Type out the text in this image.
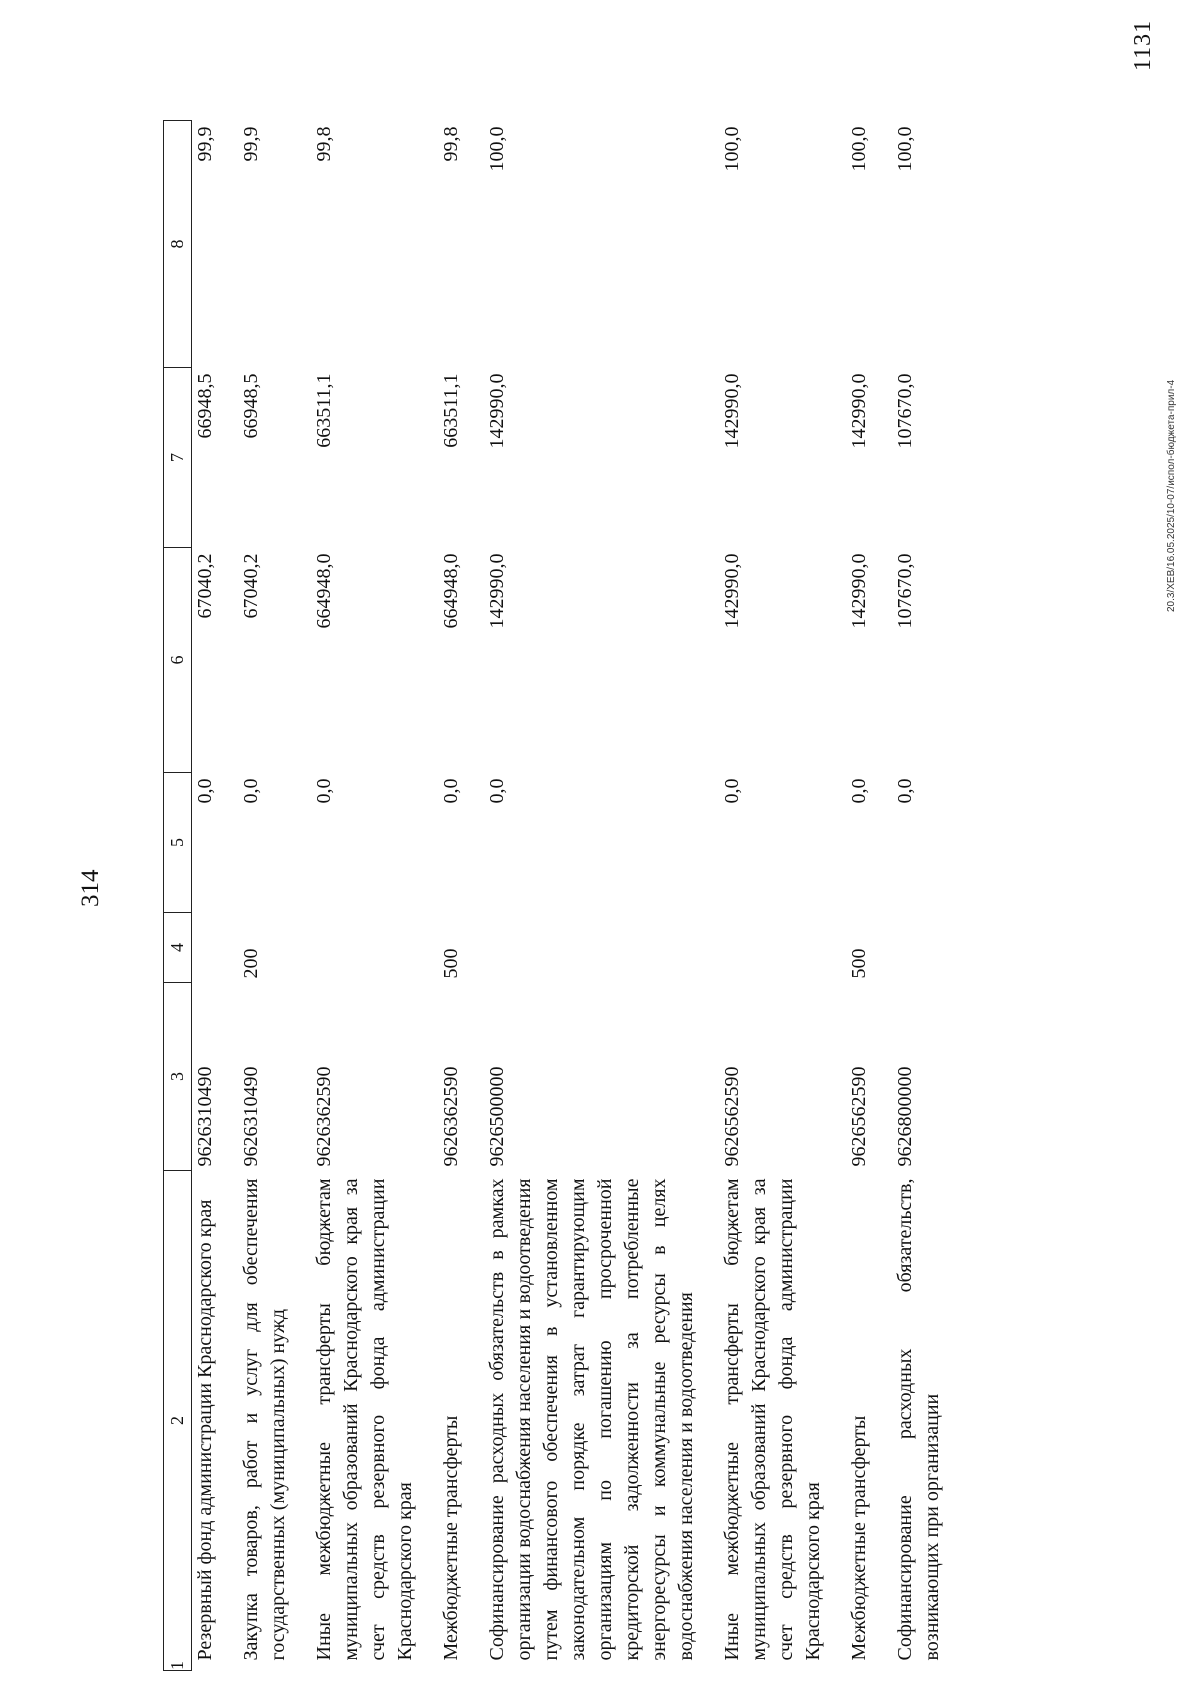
314
1	2	3	4	5	6	7	8
	Резервный фонд администрации Краснодарского края	9626310490		0,0	67040,2	66948,5	99,9
	Закупка товаров, работ и услуг для обеспечения государственных (муниципальных) нужд	9626310490	200	0,0	67040,2	66948,5	99,9
	Иные межбюджетные трансферты бюджетам муниципальных образований Краснодарского края за счет средств резервного фонда администрации Краснодарского края	9626362590		0,0	664948,0	663511,1	99,8
	Межбюджетные трансферты	9626362590	500	0,0	664948,0	663511,1	99,8
	Софинансирование расходных обязательств в рамках организации водоснабжения населения и водоотведения путем финансового обеспечения в установленном законодательном порядке затрат гарантирующим организациям по погашению просроченной кредиторской задолженности за потребленные энергоресурсы и коммунальные ресурсы в целях водоснабжения населения и водоотведения	9626500000		0,0	142990,0	142990,0	100,0
	Иные межбюджетные трансферты бюджетам муниципальных образований Краснодарского края за счет средств резервного фонда администрации Краснодарского края	9626562590		0,0	142990,0	142990,0	100,0
	Межбюджетные трансферты	9626562590	500	0,0	142990,0	142990,0	100,0
	Софинансирование расходных обязательств, возникающих при организации	9626800000		0,0	107670,0	107670,0	100,0
20.3/XEB/16.05.2025/10-07/испол-бюджета-прил-4
1131
